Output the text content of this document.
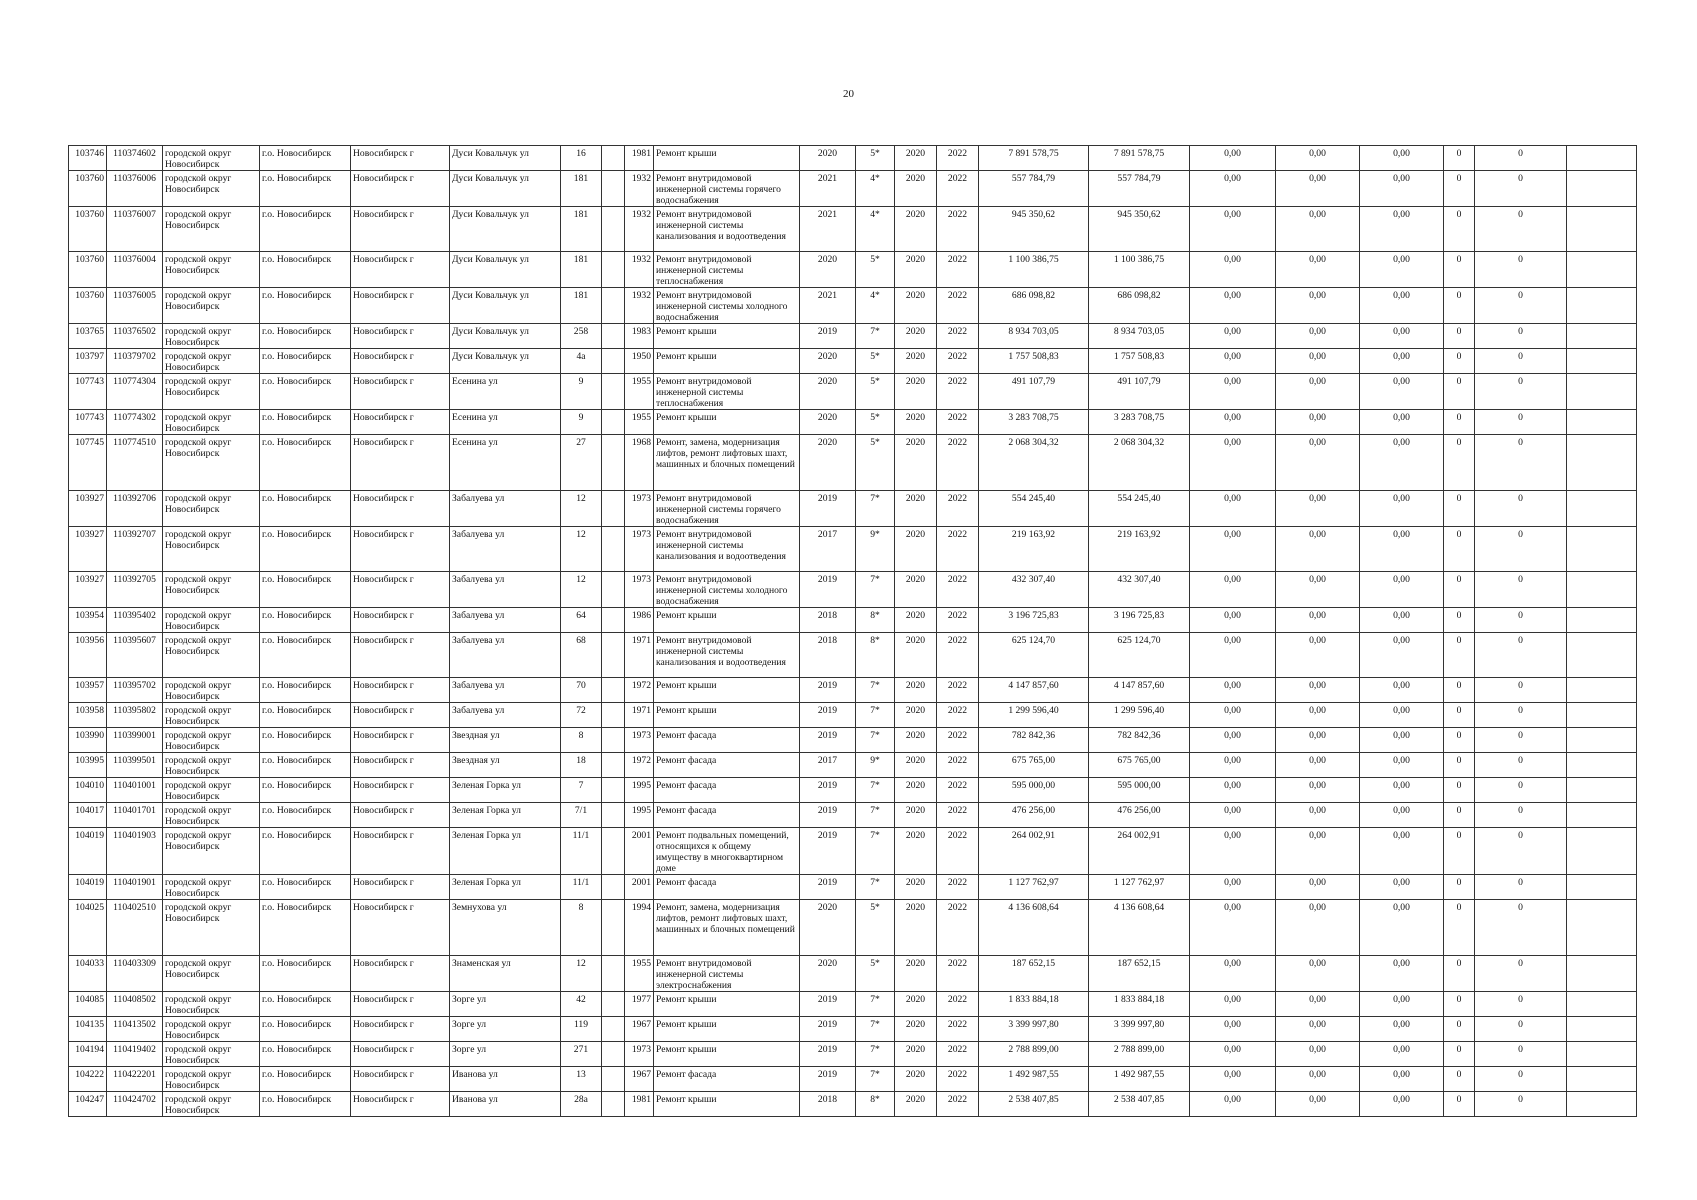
20
103746	110374602	городской округ Новосибирск	г.о. Новосибирск	Новосибирск г	Дуси Ковальчук ул	16		1981	Ремонт крыши	2020	5*	2020	2022	7 891 578,75	7 891 578,75	0,00	0,00	0,00	0	0	
103760	110376006	городской округ Новосибирск	г.о. Новосибирск	Новосибирск г	Дуси Ковальчук ул	181		1932	Ремонт внутридомовой инженерной системы горячего водоснабжения	2021	4*	2020	2022	557 784,79	557 784,79	0,00	0,00	0,00	0	0	
103760	110376007	городской округ Новосибирск	г.о. Новосибирск	Новосибирск г	Дуси Ковальчук ул	181		1932	Ремонт внутридомовой инженерной системы канализования и водоотведения	2021	4*	2020	2022	945 350,62	945 350,62	0,00	0,00	0,00	0	0	
103760	110376004	городской округ Новосибирск	г.о. Новосибирск	Новосибирск г	Дуси Ковальчук ул	181		1932	Ремонт внутридомовой инженерной системы теплоснабжения	2020	5*	2020	2022	1 100 386,75	1 100 386,75	0,00	0,00	0,00	0	0	
103760	110376005	городской округ Новосибирск	г.о. Новосибирск	Новосибирск г	Дуси Ковальчук ул	181		1932	Ремонт внутридомовой инженерной системы холодного водоснабжения	2021	4*	2020	2022	686 098,82	686 098,82	0,00	0,00	0,00	0	0	
103765	110376502	городской округ Новосибирск	г.о. Новосибирск	Новосибирск г	Дуси Ковальчук ул	258		1983	Ремонт крыши	2019	7*	2020	2022	8 934 703,05	8 934 703,05	0,00	0,00	0,00	0	0	
103797	110379702	городской округ Новосибирск	г.о. Новосибирск	Новосибирск г	Дуси Ковальчук ул	4а		1950	Ремонт крыши	2020	5*	2020	2022	1 757 508,83	1 757 508,83	0,00	0,00	0,00	0	0	
107743	110774304	городской округ Новосибирск	г.о. Новосибирск	Новосибирск г	Есенина ул	9		1955	Ремонт внутридомовой инженерной системы теплоснабжения	2020	5*	2020	2022	491 107,79	491 107,79	0,00	0,00	0,00	0	0	
107743	110774302	городской округ Новосибирск	г.о. Новосибирск	Новосибирск г	Есенина ул	9		1955	Ремонт крыши	2020	5*	2020	2022	3 283 708,75	3 283 708,75	0,00	0,00	0,00	0	0	
107745	110774510	городской округ Новосибирск	г.о. Новосибирск	Новосибирск г	Есенина ул	27		1968	Ремонт, замена, модернизация лифтов, ремонт лифтовых шахт, машинных и блочных помещений	2020	5*	2020	2022	2 068 304,32	2 068 304,32	0,00	0,00	0,00	0	0	
103927	110392706	городской округ Новосибирск	г.о. Новосибирск	Новосибирск г	Забалуева ул	12		1973	Ремонт внутридомовой инженерной системы горячего водоснабжения	2019	7*	2020	2022	554 245,40	554 245,40	0,00	0,00	0,00	0	0	
103927	110392707	городской округ Новосибирск	г.о. Новосибирск	Новосибирск г	Забалуева ул	12		1973	Ремонт внутридомовой инженерной системы канализования и водоотведения	2017	9*	2020	2022	219 163,92	219 163,92	0,00	0,00	0,00	0	0	
103927	110392705	городской округ Новосибирск	г.о. Новосибирск	Новосибирск г	Забалуева ул	12		1973	Ремонт внутридомовой инженерной системы холодного водоснабжения	2019	7*	2020	2022	432 307,40	432 307,40	0,00	0,00	0,00	0	0	
103954	110395402	городской округ Новосибирск	г.о. Новосибирск	Новосибирск г	Забалуева ул	64		1986	Ремонт крыши	2018	8*	2020	2022	3 196 725,83	3 196 725,83	0,00	0,00	0,00	0	0	
103956	110395607	городской округ Новосибирск	г.о. Новосибирск	Новосибирск г	Забалуева ул	68		1971	Ремонт внутридомовой инженерной системы канализования и водоотведения	2018	8*	2020	2022	625 124,70	625 124,70	0,00	0,00	0,00	0	0	
103957	110395702	городской округ Новосибирск	г.о. Новосибирск	Новосибирск г	Забалуева ул	70		1972	Ремонт крыши	2019	7*	2020	2022	4 147 857,60	4 147 857,60	0,00	0,00	0,00	0	0	
103958	110395802	городской округ Новосибирск	г.о. Новосибирск	Новосибирск г	Забалуева ул	72		1971	Ремонт крыши	2019	7*	2020	2022	1 299 596,40	1 299 596,40	0,00	0,00	0,00	0	0	
103990	110399001	городской округ Новосибирск	г.о. Новосибирск	Новосибирск г	Звездная ул	8		1973	Ремонт фасада	2019	7*	2020	2022	782 842,36	782 842,36	0,00	0,00	0,00	0	0	
103995	110399501	городской округ Новосибирск	г.о. Новосибирск	Новосибирск г	Звездная ул	18		1972	Ремонт фасада	2017	9*	2020	2022	675 765,00	675 765,00	0,00	0,00	0,00	0	0	
104010	110401001	городской округ Новосибирск	г.о. Новосибирск	Новосибирск г	Зеленая Горка ул	7		1995	Ремонт фасада	2019	7*	2020	2022	595 000,00	595 000,00	0,00	0,00	0,00	0	0	
104017	110401701	городской округ Новосибирск	г.о. Новосибирск	Новосибирск г	Зеленая Горка ул	7/1		1995	Ремонт фасада	2019	7*	2020	2022	476 256,00	476 256,00	0,00	0,00	0,00	0	0	
104019	110401903	городской округ Новосибирск	г.о. Новосибирск	Новосибирск г	Зеленая Горка ул	11/1		2001	Ремонт подвальных помещений, относящихся к общему имуществу в многоквартирном доме	2019	7*	2020	2022	264 002,91	264 002,91	0,00	0,00	0,00	0	0	
104019	110401901	городской округ Новосибирск	г.о. Новосибирск	Новосибирск г	Зеленая Горка ул	11/1		2001	Ремонт фасада	2019	7*	2020	2022	1 127 762,97	1 127 762,97	0,00	0,00	0,00	0	0	
104025	110402510	городской округ Новосибирск	г.о. Новосибирск	Новосибирск г	Земнухова ул	8		1994	Ремонт, замена, модернизация лифтов, ремонт лифтовых шахт, машинных и блочных помещений	2020	5*	2020	2022	4 136 608,64	4 136 608,64	0,00	0,00	0,00	0	0	
104033	110403309	городской округ Новосибирск	г.о. Новосибирск	Новосибирск г	Знаменская ул	12		1955	Ремонт внутридомовой инженерной системы электроснабжения	2020	5*	2020	2022	187 652,15	187 652,15	0,00	0,00	0,00	0	0	
104085	110408502	городской округ Новосибирск	г.о. Новосибирск	Новосибирск г	Зорге ул	42		1977	Ремонт крыши	2019	7*	2020	2022	1 833 884,18	1 833 884,18	0,00	0,00	0,00	0	0	
104135	110413502	городской округ Новосибирск	г.о. Новосибирск	Новосибирск г	Зорге ул	119		1967	Ремонт крыши	2019	7*	2020	2022	3 399 997,80	3 399 997,80	0,00	0,00	0,00	0	0	
104194	110419402	городской округ Новосибирск	г.о. Новосибирск	Новосибирск г	Зорге ул	271		1973	Ремонт крыши	2019	7*	2020	2022	2 788 899,00	2 788 899,00	0,00	0,00	0,00	0	0	
104222	110422201	городской округ Новосибирск	г.о. Новосибирск	Новосибирск г	Иванова ул	13		1967	Ремонт фасада	2019	7*	2020	2022	1 492 987,55	1 492 987,55	0,00	0,00	0,00	0	0	
104247	110424702	городской округ Новосибирск	г.о. Новосибирск	Новосибирск г	Иванова ул	28а		1981	Ремонт крыши	2018	8*	2020	2022	2 538 407,85	2 538 407,85	0,00	0,00	0,00	0	0	
